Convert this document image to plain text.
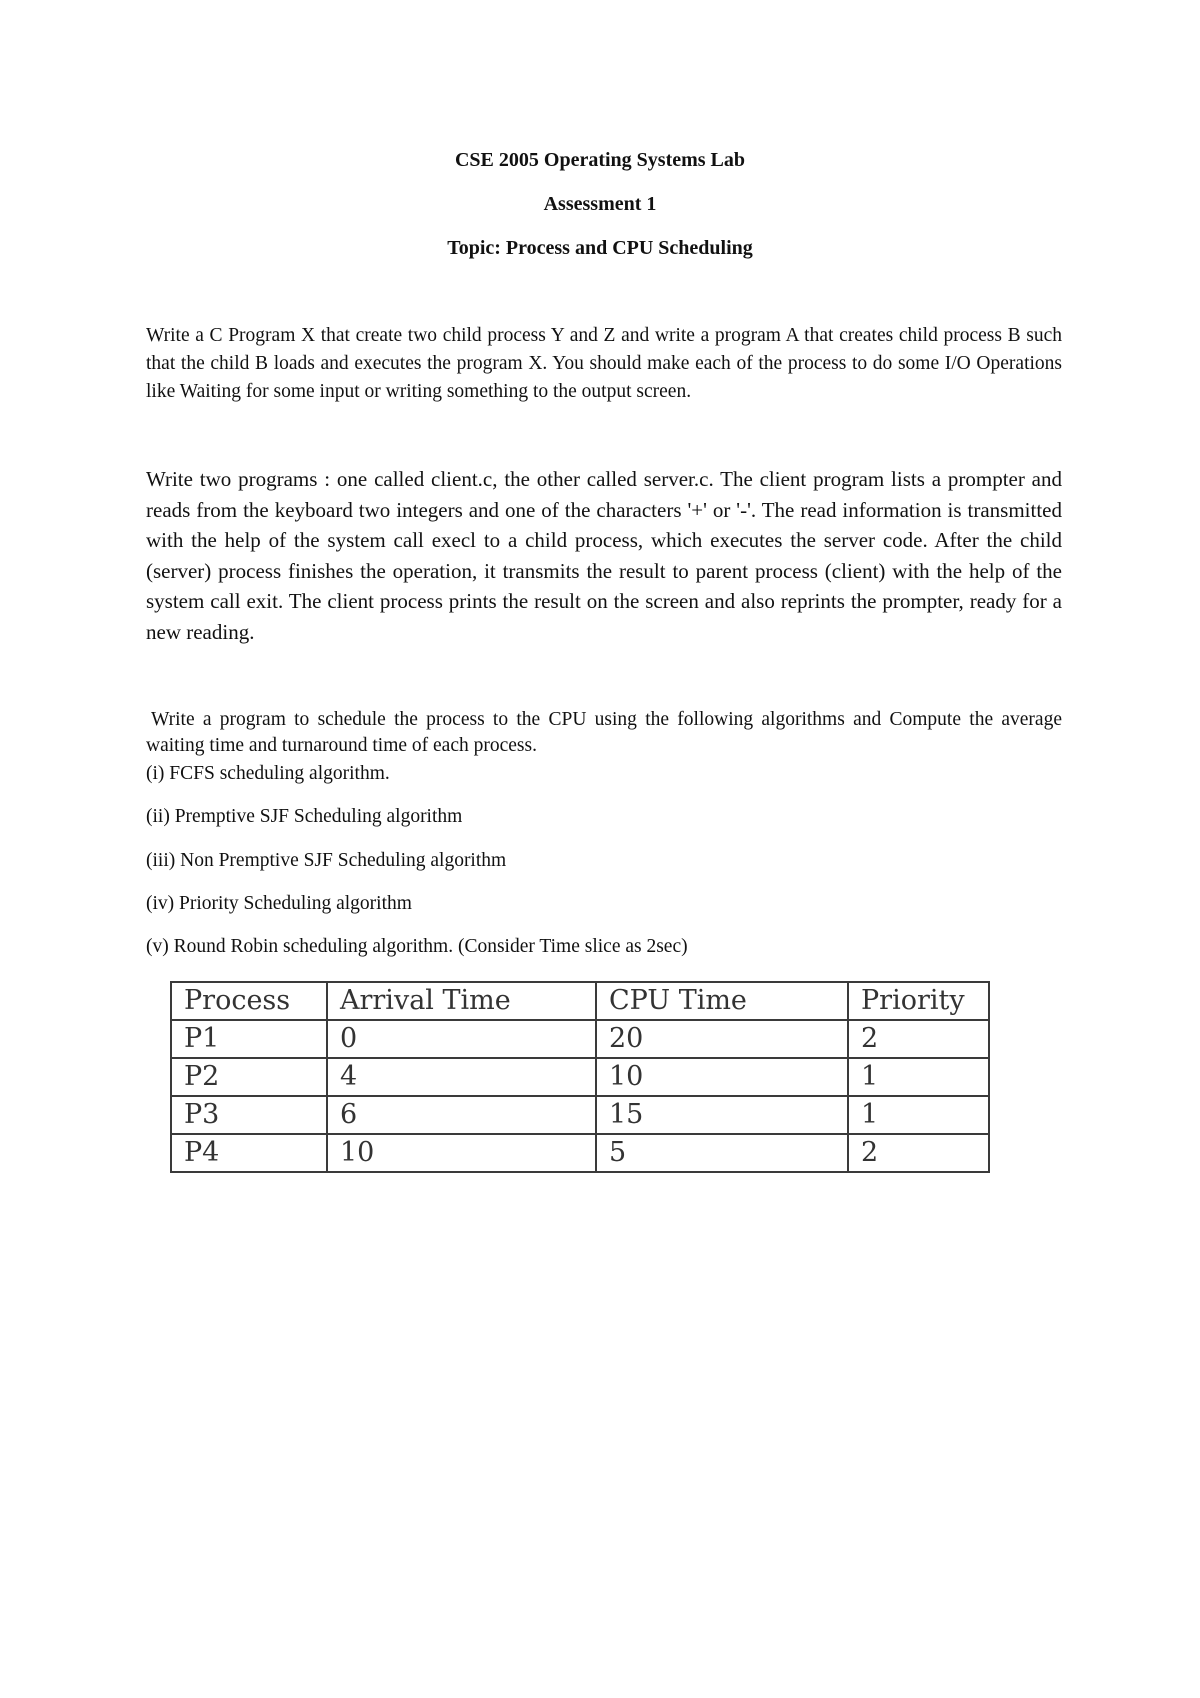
CSE 2005 Operating Systems Lab
Assessment 1
Topic: Process and CPU Scheduling

Write a C Program X that create two child process Y and Z and write a program A that creates child process B such that the child B loads and executes the program X. You should make each of the process to do some I/O Operations like Waiting for some input or writing something to the output screen.

Write two programs : one called client.c, the other called server.c. The client program lists a prompter and reads from the keyboard two integers and one of the characters '+' or '-'. The read information is transmitted with the help of the system call execl to a child process, which executes the server code. After the child (server) process finishes the operation, it transmits the result to parent process (client) with the help of the system call exit. The client process prints the result on the screen and also reprints the prompter, ready for a new reading.

Write a program to schedule the process to the CPU using the following algorithms and Compute the average waiting time and turnaround time of each process.

(i) FCFS scheduling algorithm.

(ii) Premptive SJF Scheduling algorithm

(iii) Non Premptive SJF Scheduling algorithm

(iv) Priority Scheduling algorithm

(v) Round Robin scheduling algorithm. (Consider Time slice as 2sec)

Process	Arrival Time	CPU Time	Priority
P1	0	20	2
P2	4	10	1
P3	6	15	1
P4	10	5	2
